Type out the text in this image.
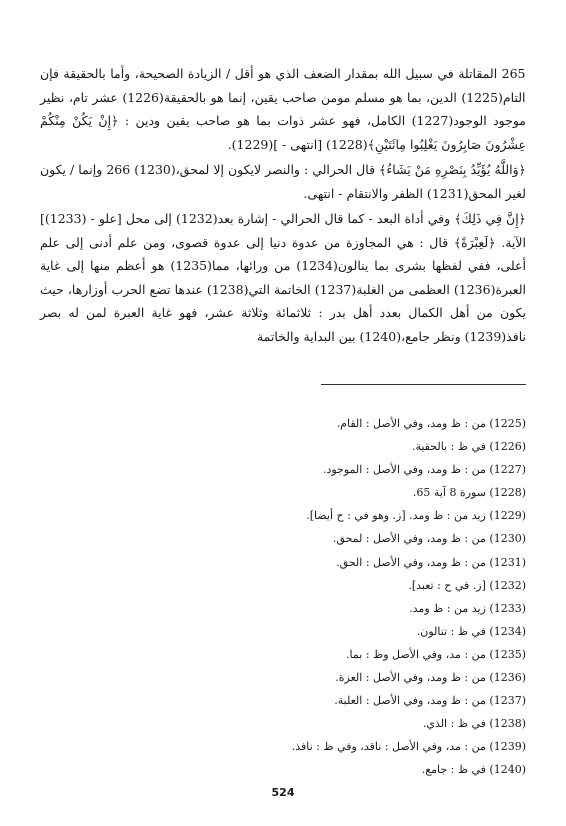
265 المقاتلة في سبيل الله بمقدار الضعف الذي هو أقل / الزيادة الصحيحة، وأما بالحقيقة فإن التام(1225) الدين، بما هو مسلم مومن صاحب يقين، إنما هو بالحقيقة(1226) عشر تام، نظير موجود الوجود(1227) الكامل، فهو عشر ذوات بما هو صاحب يقين ودين : ﴿إِنْ يَكُنْ مِنْكُمْ عِشْرُونَ صَابِرُونَ يَغْلِبُوا مِائَتَيْنِ﴾(1228) [انتهى - ](1229).

﴿وَاللَّهُ يُؤَيِّدُ بِنَصْرِهِ مَنْ يَشَاءُ﴾ قال الحرالي : والنصر لايكون إلا لمحق،(1230) 266 وإنما / يكون لغير المحق(1231) الظفر والانتقام - انتهى.

﴿إِنَّ فِي ذَلِكَ﴾ وفي أداة البعد - كما قال الحرالي - إشارة بعد(1232) إلى محل [علو - (1233)] الآية. ﴿لَعِبْرَةً﴾ قال : هي المجاوزة من عدوة دنيا إلى عدوة قصوى، ومن علم أدنى إلى علم أعلى، ففي لفظها بشرى بما ينالون(1234) من ورائها، مما(1235) هو أعظم منها إلى غاية العبرة(1236) العظمى من الغلبة(1237) الخاتمة التي(1238) عندها تضع الحرب أوزارها، حيث يكون من أهل الكمال بعدد أهل بدر : ثلاثمائة وثلاثة عشر، فهو غاية العبرة لمن له بصر نافذ(1239) ونظر جامع،(1240) بين البداية والخاتمة

(1225) من : ظ ومد، وفي الأصل : القام.
(1226) في ظ : بالحقية.
(1227) من : ظ ومد، وفي الأصل : الموجود.
(1228) سورة 8 آية 65.
(1229) زيد من : ظ ومد. [ز. وهو في : ح أيضا].
(1230) من : ظ ومد، وفي الأصل : لمحق.
(1231) من : ظ ومد، وفي الأصل : الحق.
(1232) [ز. في ح : تعبد].
(1233) زيد من : ظ ومد.
(1234) في ظ : تنالون.
(1235) من : مد، وفي الأصل وظ : بما.
(1236) من : ظ ومد، وفي الأصل : العزة.
(1237) من : ظ ومد، وفي الأصل : العلبة.
(1238) في ظ : الذي.
(1239) من : مد، وفي الأصل : ناقد، وفي ظ : نافذ.
(1240) في ظ : جامع.
524
